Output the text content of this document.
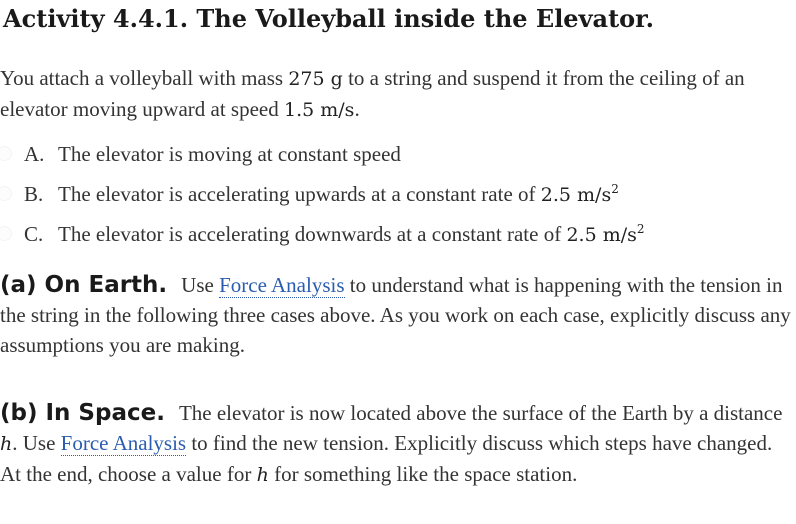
Activity 4.4.1. The Volleyball inside the Elevator.

You attach a volleyball with mass 275 g to a string and suspend it from the ceiling of an elevator moving upward at speed 1.5 m/s.

A. The elevator is moving at constant speed
B. The elevator is accelerating upwards at a constant rate of 2.5 $m/s^2$
C. The elevator is accelerating downwards at a constant rate of 2.5 $m/s^2$

(a) On Earth. Use Force Analysis to understand what is happening with the tension in the string in the following three cases above. As you work on each case, explicitly discuss any assumptions you are making.

(b) In Space. The elevator is now located above the surface of the Earth by a distance h. Use Force Analysis to find the new tension. Explicitly discuss which steps have changed. At the end, choose a value for h for something like the space station.
